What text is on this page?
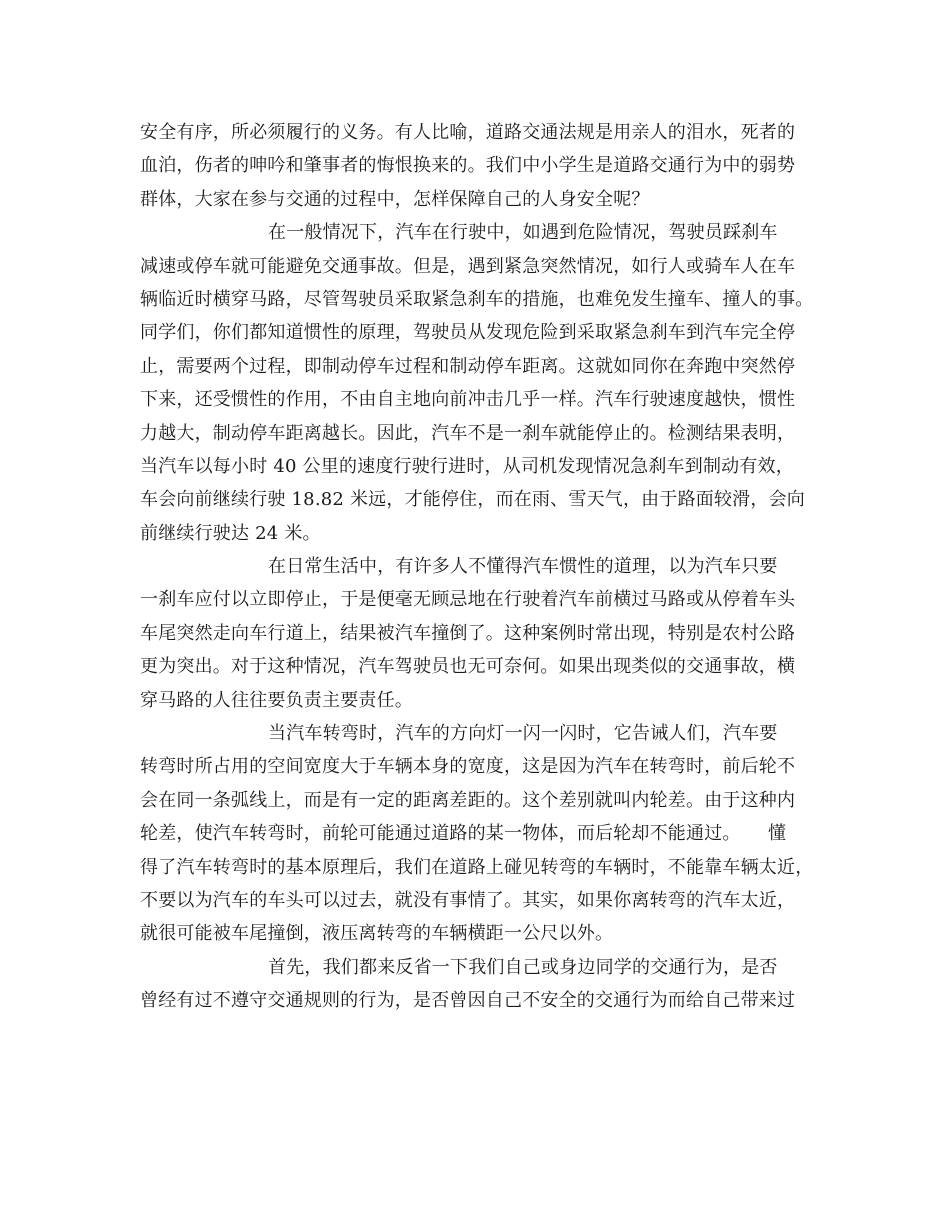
安全有序，所必须履行的义务。有人比喻，道路交通法规是用亲人的泪水，死者的
血泊，伤者的呻吟和肇事者的悔恨换来的。我们中小学生是道路交通行为中的弱势
群体，大家在参与交通的过程中，怎样保障自己的人身安全呢？
在一般情况下，汽车在行驶中，如遇到危险情况，驾驶员踩刹车
减速或停车就可能避免交通事故。但是，遇到紧急突然情况，如行人或骑车人在车
辆临近时横穿马路，尽管驾驶员采取紧急刹车的措施，也难免发生撞车、撞人的事。
同学们，你们都知道惯性的原理，驾驶员从发现危险到采取紧急刹车到汽车完全停
止，需要两个过程，即制动停车过程和制动停车距离。这就如同你在奔跑中突然停
下来，还受惯性的作用，不由自主地向前冲击几乎一样。汽车行驶速度越快，惯性
力越大，制动停车距离越长。因此，汽车不是一刹车就能停止的。检测结果表明，
当汽车以每小时 40 公里的速度行驶行进时，从司机发现情况急刹车到制动有效，
车会向前继续行驶 18.82 米远，才能停住，而在雨、雪天气，由于路面较滑，会向
前继续行驶达 24 米。
在日常生活中，有许多人不懂得汽车惯性的道理，以为汽车只要
一刹车应付以立即停止，于是便毫无顾忌地在行驶着汽车前横过马路或从停着车头
车尾突然走向车行道上，结果被汽车撞倒了。这种案例时常出现，特别是农村公路
更为突出。对于这种情况，汽车驾驶员也无可奈何。如果出现类似的交通事故，横
穿马路的人往往要负责主要责任。
当汽车转弯时，汽车的方向灯一闪一闪时，它告诫人们，汽车要
转弯时所占用的空间宽度大于车辆本身的宽度，这是因为汽车在转弯时，前后轮不
会在同一条弧线上，而是有一定的距离差距的。这个差别就叫内轮差。由于这种内
轮差，使汽车转弯时，前轮可能通过道路的某一物体，而后轮却不能通过。　　懂
得了汽车转弯时的基本原理后，我们在道路上碰见转弯的车辆时，不能靠车辆太近，
不要以为汽车的车头可以过去，就没有事情了。其实，如果你离转弯的汽车太近，
就很可能被车尾撞倒，液压离转弯的车辆横距一公尺以外。
首先，我们都来反省一下我们自己或身边同学的交通行为，是否
曾经有过不遵守交通规则的行为，是否曾因自己不安全的交通行为而给自己带来过
